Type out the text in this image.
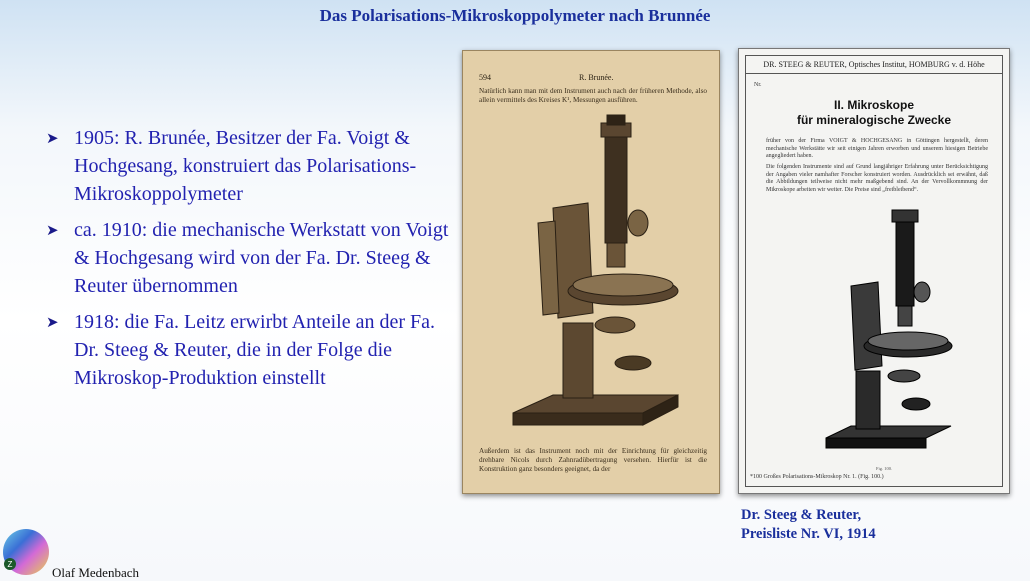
Das Polarisations-Mikroskoppolymeter nach Brunnée
➤ 1905: R. Brunée, Besitzer der Fa. Voigt & Hochgesang, konstruiert das Polarisations-Mikroskoppolymeter
➤ ca. 1910: die mechanische Werkstatt von Voigt & Hochgesang wird von der Fa. Dr. Steeg & Reuter übernommen
➤ 1918: die Fa. Leitz erwirbt Anteile an der Fa. Dr. Steeg & Reuter, die in der Folge die Mikroskop-Produktion einstellt
594	R. Brunée.
Natürlich kann man mit dem Instrument auch nach der früheren Methode, also allein vermittels des Kreises K¹, Messungen ausführen.
Außerdem ist das Instrument noch mit der Einrichtung für gleichzeitig drehbare Nicols durch Zahnradübertragung versehen. Hierfür ist die Konstruktion ganz besonders geeignet, da der
DR. STEEG & REUTER, Optisches Institut, HOMBURG v. d. Höhe
Nr.
II. Mikroskope
für mineralogische Zwecke
früher von der Firma VOIGT & HOCHGESANG in Göttingen hergestellt, deren mechanische Werkstätte wir seit einigen Jahren erworben und unserem hiesigen Betriebe angegliedert haben.
Die folgenden Instrumente sind auf Grund langjähriger Erfahrung unter Berücksichtigung der Angaben vieler namhafter Forscher konstruiert worden. Ausdrücklich sei erwähnt, daß die Abbildungen teilweise nicht mehr maßgebend sind. An der Vervollkommnung der Mikroskope arbeiten wir weiter. Die Preise sind „freibleibend“.
Fig. 100.
*100 Großes Polarisations-Mikroskop Nr. 1. (Fig. 100.)
Dr. Steeg & Reuter,
Preisliste Nr. VI, 1914
Z
Olaf Medenbach
